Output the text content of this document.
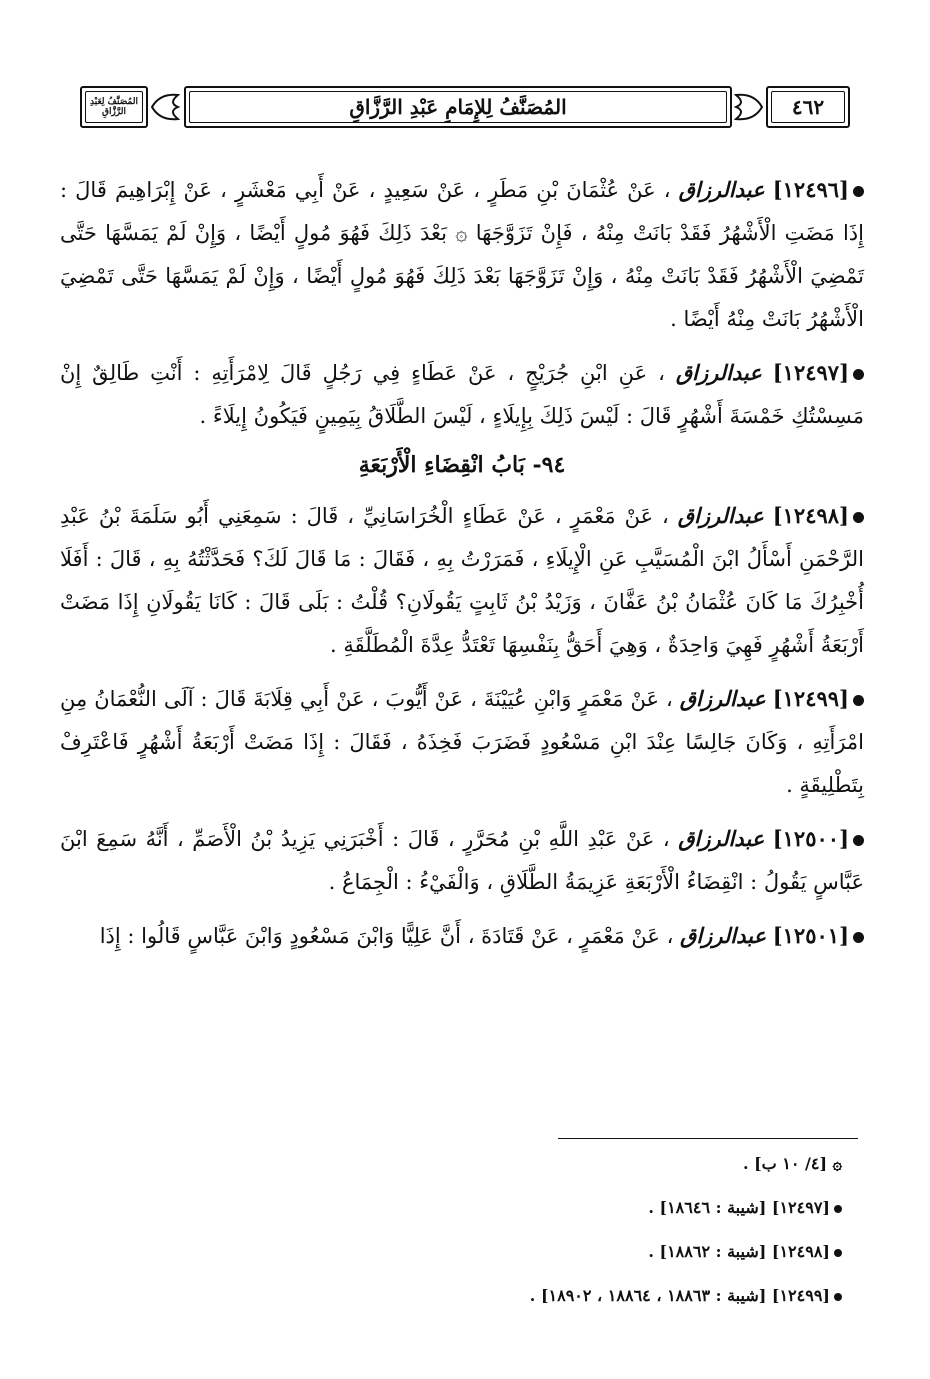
المُصَنَّفُ لِعَبْدِ الرَّزَّاقِ	المُصَنَّفُ لِلإِمَامِ عَبْدِ الرَّزَّاقِ	٤٦٢

[١٢٤٩٦] عبدالرزاق ، عَنْ عُثْمَانَ بْنِ مَطَرٍ ، عَنْ سَعِيدٍ ، عَنْ أَبِي مَعْشَرٍ ، عَنْ إِبْرَاهِيمَ قَالَ : إِذَا مَضَتِ الْأَشْهُرُ فَقَدْ بَانَتْ مِنْهُ ، فَإِنْ تَزَوَّجَهَا ۞ بَعْدَ ذَلِكَ فَهُوَ مُولٍ أَيْضًا ، وَإِنْ لَمْ يَمَسَّهَا حَتَّى تَمْضِيَ الْأَشْهُرُ فَقَدْ بَانَتْ مِنْهُ ، وَإِنْ تَزَوَّجَهَا بَعْدَ ذَلِكَ فَهُوَ مُولٍ أَيْضًا ، وَإِنْ لَمْ يَمَسَّهَا حَتَّى تَمْضِيَ الْأَشْهُرُ بَانَتْ مِنْهُ أَيْضًا .

[١٢٤٩٧] عبدالرزاق ، عَنِ ابْنِ جُرَيْجٍ ، عَنْ عَطَاءٍ فِي رَجُلٍ قَالَ لِامْرَأَتِهِ : أَنْتِ طَالِقٌ إِنْ مَسِسْتُكِ خَمْسَةَ أَشْهُرٍ قَالَ : لَيْسَ ذَلِكَ بِإِيلَاءٍ ، لَيْسَ الطَّلَاقُ بِيَمِينٍ فَيَكُونُ إِيلَاءً .

٩٤- بَابُ انْقِضَاءِ الْأَرْبَعَةِ

[١٢٤٩٨] عبدالرزاق ، عَنْ مَعْمَرٍ ، عَنْ عَطَاءٍ الْخُرَاسَانِيِّ ، قَالَ : سَمِعَنِي أَبُو سَلَمَةَ بْنُ عَبْدِ الرَّحْمَنِ أَسْأَلُ ابْنَ الْمُسَيَّبِ عَنِ الْإِيلَاءِ ، فَمَرَرْتُ بِهِ ، فَقَالَ : مَا قَالَ لَكَ؟ فَحَدَّثْتُهُ بِهِ ، قَالَ : أَفَلَا أُخْبِرُكَ مَا كَانَ عُثْمَانُ بْنُ عَفَّانَ ، وَزَيْدُ بْنُ ثَابِتٍ يَقُولَانِ؟ قُلْتُ : بَلَى قَالَ : كَانَا يَقُولَانِ إِذَا مَضَتْ أَرْبَعَةُ أَشْهُرٍ فَهِيَ وَاحِدَةٌ ، وَهِيَ أَحَقُّ بِنَفْسِهَا تَعْتَدُّ عِدَّةَ الْمُطَلَّقَةِ .

[١٢٤٩٩] عبدالرزاق ، عَنْ مَعْمَرٍ وَابْنِ عُيَيْنَةَ ، عَنْ أَيُّوبَ ، عَنْ أَبِي قِلَابَةَ قَالَ : آلَى النُّعْمَانُ مِنِ امْرَأَتِهِ ، وَكَانَ جَالِسًا عِنْدَ ابْنِ مَسْعُودٍ فَضَرَبَ فَخِذَهُ ، فَقَالَ : إِذَا مَضَتْ أَرْبَعَةُ أَشْهُرٍ فَاعْتَرِفْ بِتَطْلِيقَةٍ .

[١٢٥٠٠] عبدالرزاق ، عَنْ عَبْدِ اللَّهِ بْنِ مُحَرَّرٍ ، قَالَ : أَخْبَرَنِي يَزِيدُ بْنُ الْأَصَمِّ ، أَنَّهُ سَمِعَ ابْنَ عَبَّاسٍ يَقُولُ : انْقِضَاءُ الْأَرْبَعَةِ عَزِيمَةُ الطَّلَاقِ ، وَالْفَيْءُ : الْجِمَاعُ .

[١٢٥٠١] عبدالرزاق ، عَنْ مَعْمَرٍ ، عَنْ قَتَادَةَ ، أَنَّ عَلِيًّا وَابْنَ مَسْعُودٍ وَابْنَ عَبَّاسٍ قَالُوا : إِذَا

۞ [٤/ ١٠ ب] .
[١٢٤٩٧] [شيبة : ١٨٦٤٦] .
[١٢٤٩٨] [شيبة : ١٨٨٦٢] .
[١٢٤٩٩] [شيبة : ١٨٨٦٣ ، ١٨٨٦٤ ، ١٨٩٠٢] .
